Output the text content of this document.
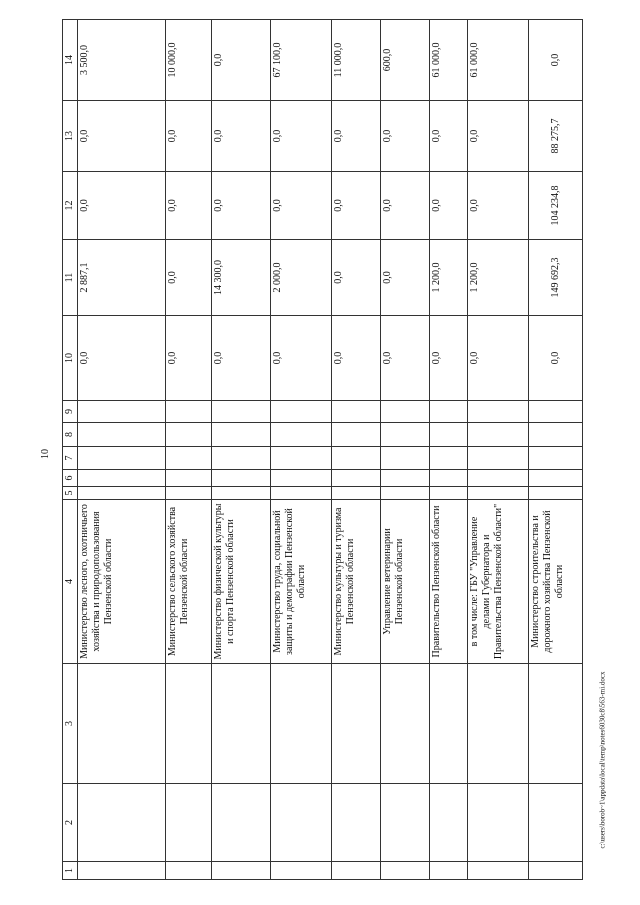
10
1	2	3	4	5	6	7	8	9	10	11	12	13	14
			Министерство лесного, охотничьего хозяйства и природопользования Пензенской области						0,0	2 887,1	0,0	0,0	3 500,0
			Министерство сельского хозяйства Пензенской области						0,0	0,0	0,0	0,0	10 000,0
			Министерство физической культуры и спорта Пензенской области						0,0	14 300,0	0,0	0,0	0,0
			Министерство труда, социальной защиты и демографии Пензенской области						0,0	2 000,0	0,0	0,0	67 100,0
			Министерство культуры и туризма Пензенской области						0,0	0,0	0,0	0,0	11 000,0
			Управление ветеринарии Пензенской области						0,0	0,0	0,0	0,0	600,0
			Правительство Пензенской области						0,0	1 200,0	0,0	0,0	61 000,0
			в том числе: ГБУ "Управление делами Губернатора и Правительства Пензенской области"						0,0	1 200,0	0,0	0,0	61 000,0
			Министерство строительства и дорожного хозяйства Пензенской области						0,0	149 692,3	104 234,8	88 275,7	0,0
c:\users\borob~1\appdata\local\temp\notes6030c8\563-mi.docx
